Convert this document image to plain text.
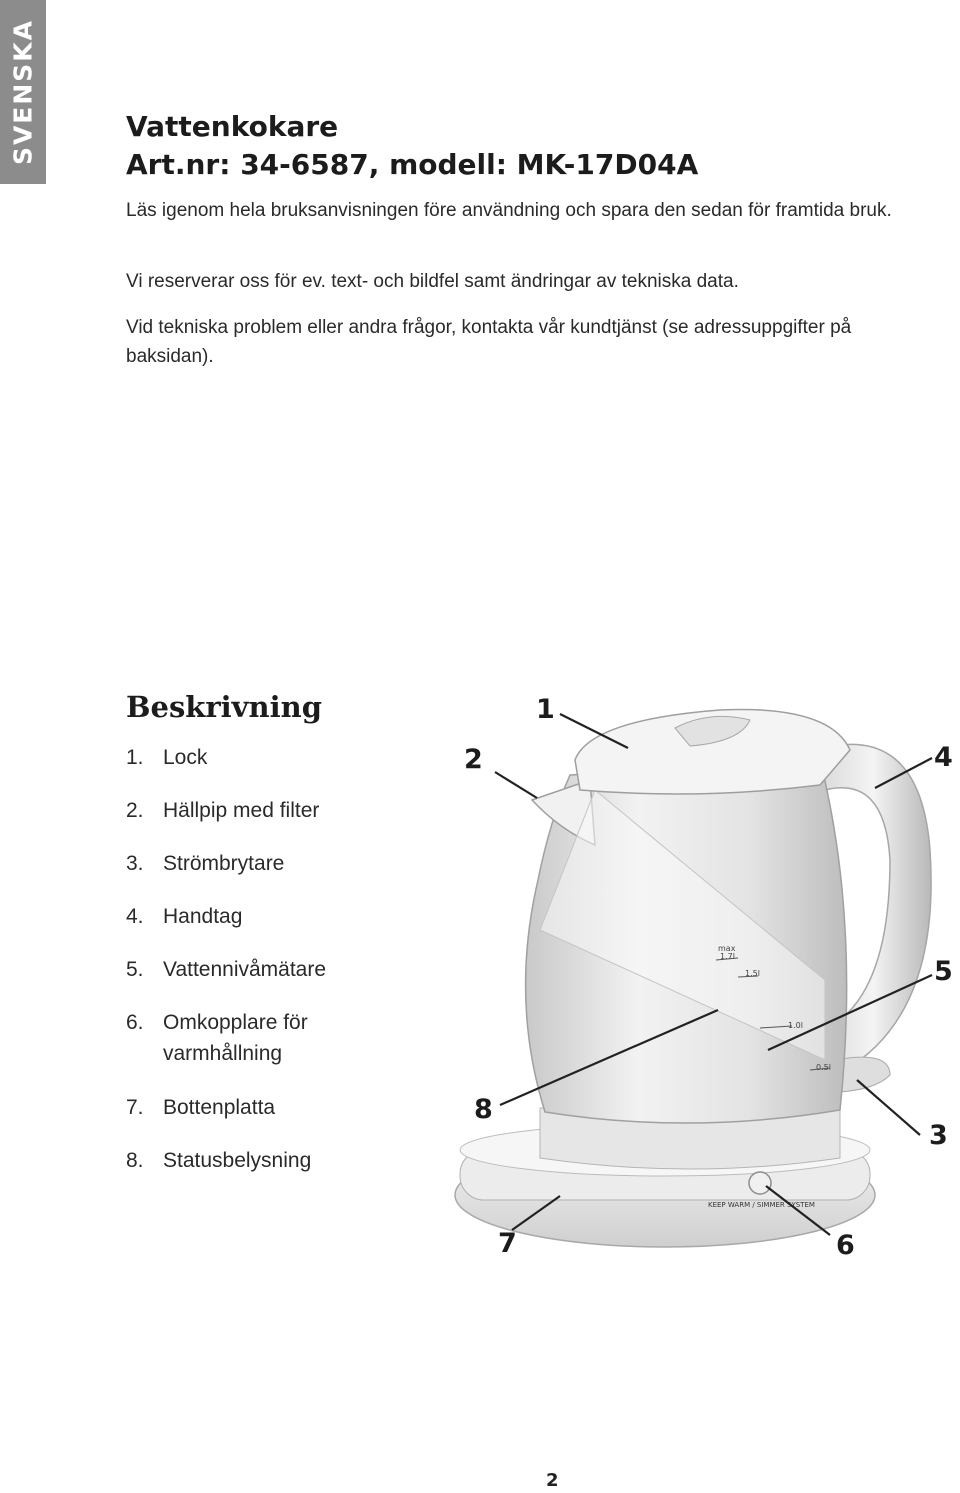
SVENSKA	Vattenkokare
Art.nr: 34-6587, modell: MK-17D04A

Läs igenom hela bruksanvisningen före användning och spara den sedan för framtida bruk.

Vi reserverar oss för ev. text- och bildfel samt ändringar av tekniska data.

Vid tekniska problem eller andra frågor, kontakta vår kundtjänst (se adressuppgifter på baksidan).

Beskrivning
1. Lock
2. Hällpip med filter
3. Strömbrytare
4. Handtag
5. Vattennivåmätare
6. Omkopplare för varmhållning
7. Bottenplatta
8. Statusbelysning
max
1.7l
1.5l
1.0l
0.5l
KEEP WARM / SIMMER SYSTEM
1
2
3
4
5
6
7
8
2
